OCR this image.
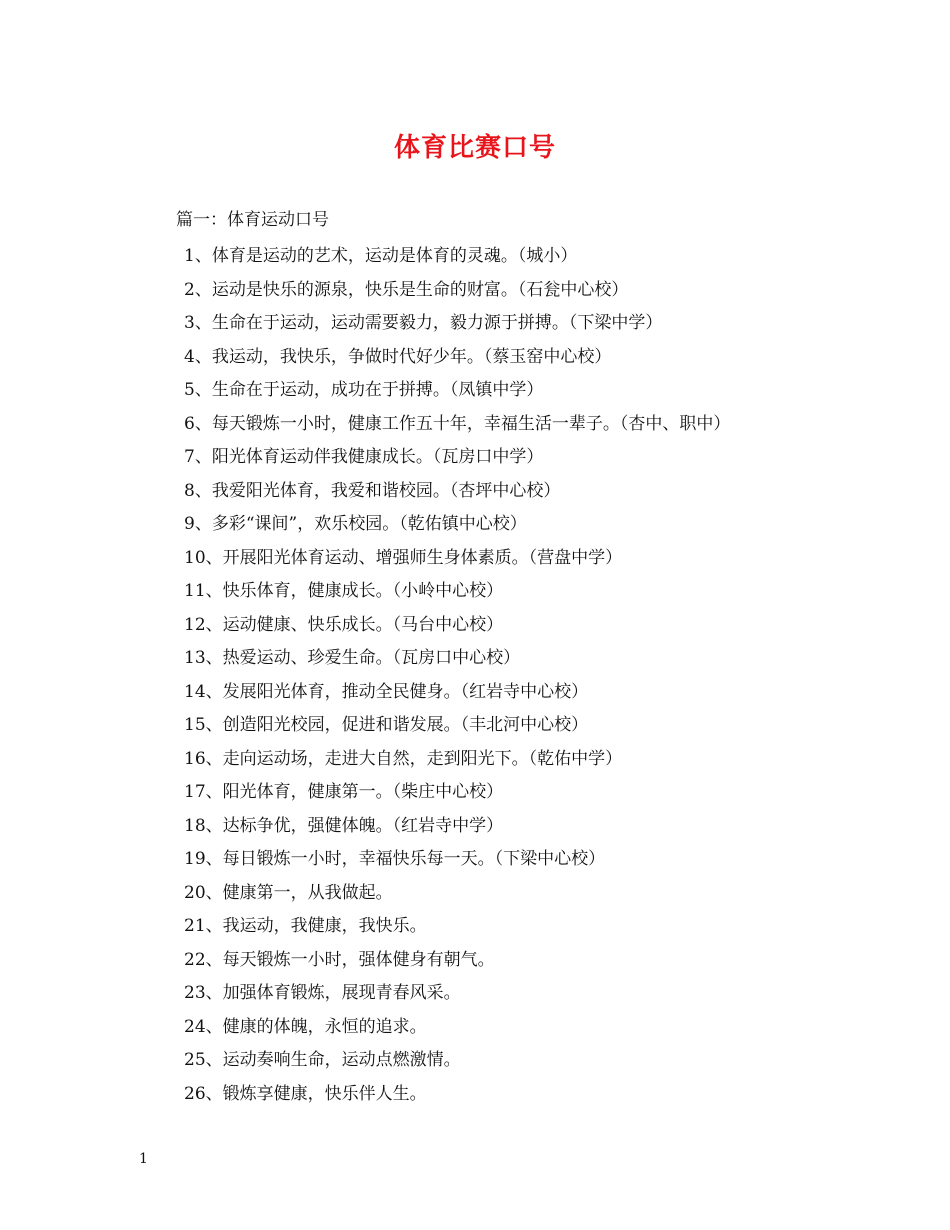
体育比赛口号
篇一：体育运动口号
1、体育是运动的艺术，运动是体育的灵魂。（城小）
2、运动是快乐的源泉，快乐是生命的财富。（石瓮中心校）
3、生命在于运动，运动需要毅力，毅力源于拼搏。（下梁中学）
4、我运动，我快乐，争做时代好少年。（蔡玉窑中心校）
5、生命在于运动，成功在于拼搏。（凤镇中学）
6、每天锻炼一小时，健康工作五十年，幸福生活一辈子。（杏中、职中）
7、阳光体育运动伴我健康成长。（瓦房口中学）
8、我爱阳光体育，我爱和谐校园。（杏坪中心校）
9、多彩“课间”，欢乐校园。（乾佑镇中心校）
10、开展阳光体育运动、增强师生身体素质。（营盘中学）
11、快乐体育，健康成长。（小岭中心校）
12、运动健康、快乐成长。（马台中心校）
13、热爱运动、珍爱生命。（瓦房口中心校）
14、发展阳光体育，推动全民健身。（红岩寺中心校）
15、创造阳光校园，促进和谐发展。（丰北河中心校）
16、走向运动场，走进大自然，走到阳光下。（乾佑中学）
17、阳光体育，健康第一。（柴庄中心校）
18、达标争优，强健体魄。（红岩寺中学）
19、每日锻炼一小时，幸福快乐每一天。（下梁中心校）
20、健康第一，从我做起。
21、我运动，我健康，我快乐。
22、每天锻炼一小时，强体健身有朝气。
23、加强体育锻炼，展现青春风采。
24、健康的体魄，永恒的追求。
25、运动奏响生命，运动点燃激情。
26、锻炼享健康，快乐伴人生。
1
